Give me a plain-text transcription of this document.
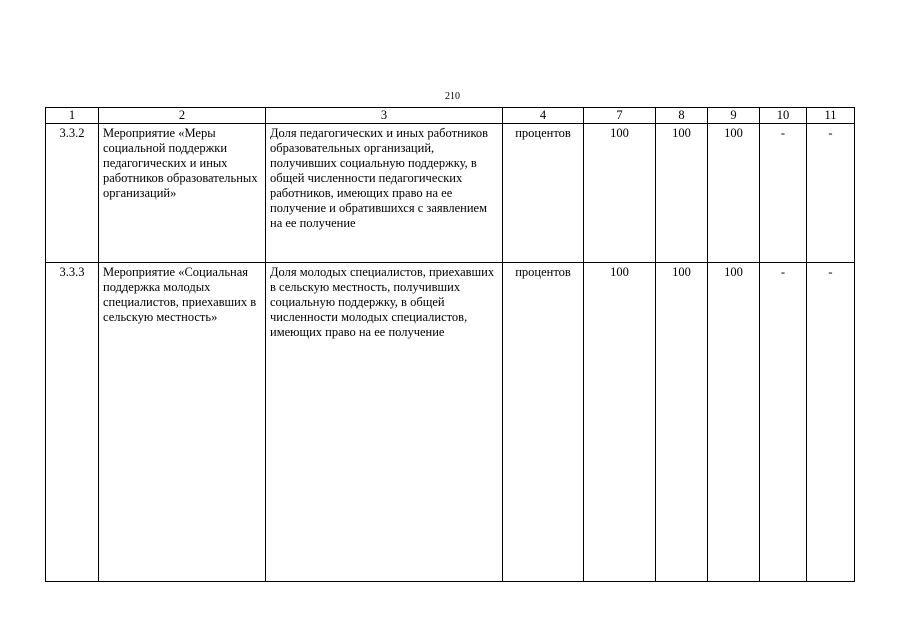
210
1	2	3	4	7	8	9	10	11
3.3.2	Мероприятие «Меры социальной поддержки педагогических и иных работников образовательных организаций»	Доля педагогических и иных работников образовательных организаций, получивших социальную поддержку, в общей численности педагогических работников, имеющих право на ее получение и обратившихся с заявлением на ее получение	процентов	100	100	100	-	-
3.3.3	Мероприятие «Социальная поддержка молодых специалистов, приехавших в сельскую местность»	Доля молодых специалистов, приехавших в сельскую местность, получивших социальную поддержку, в общей численности молодых специалистов, имеющих право на ее получение	процентов	100	100	100	-	-
